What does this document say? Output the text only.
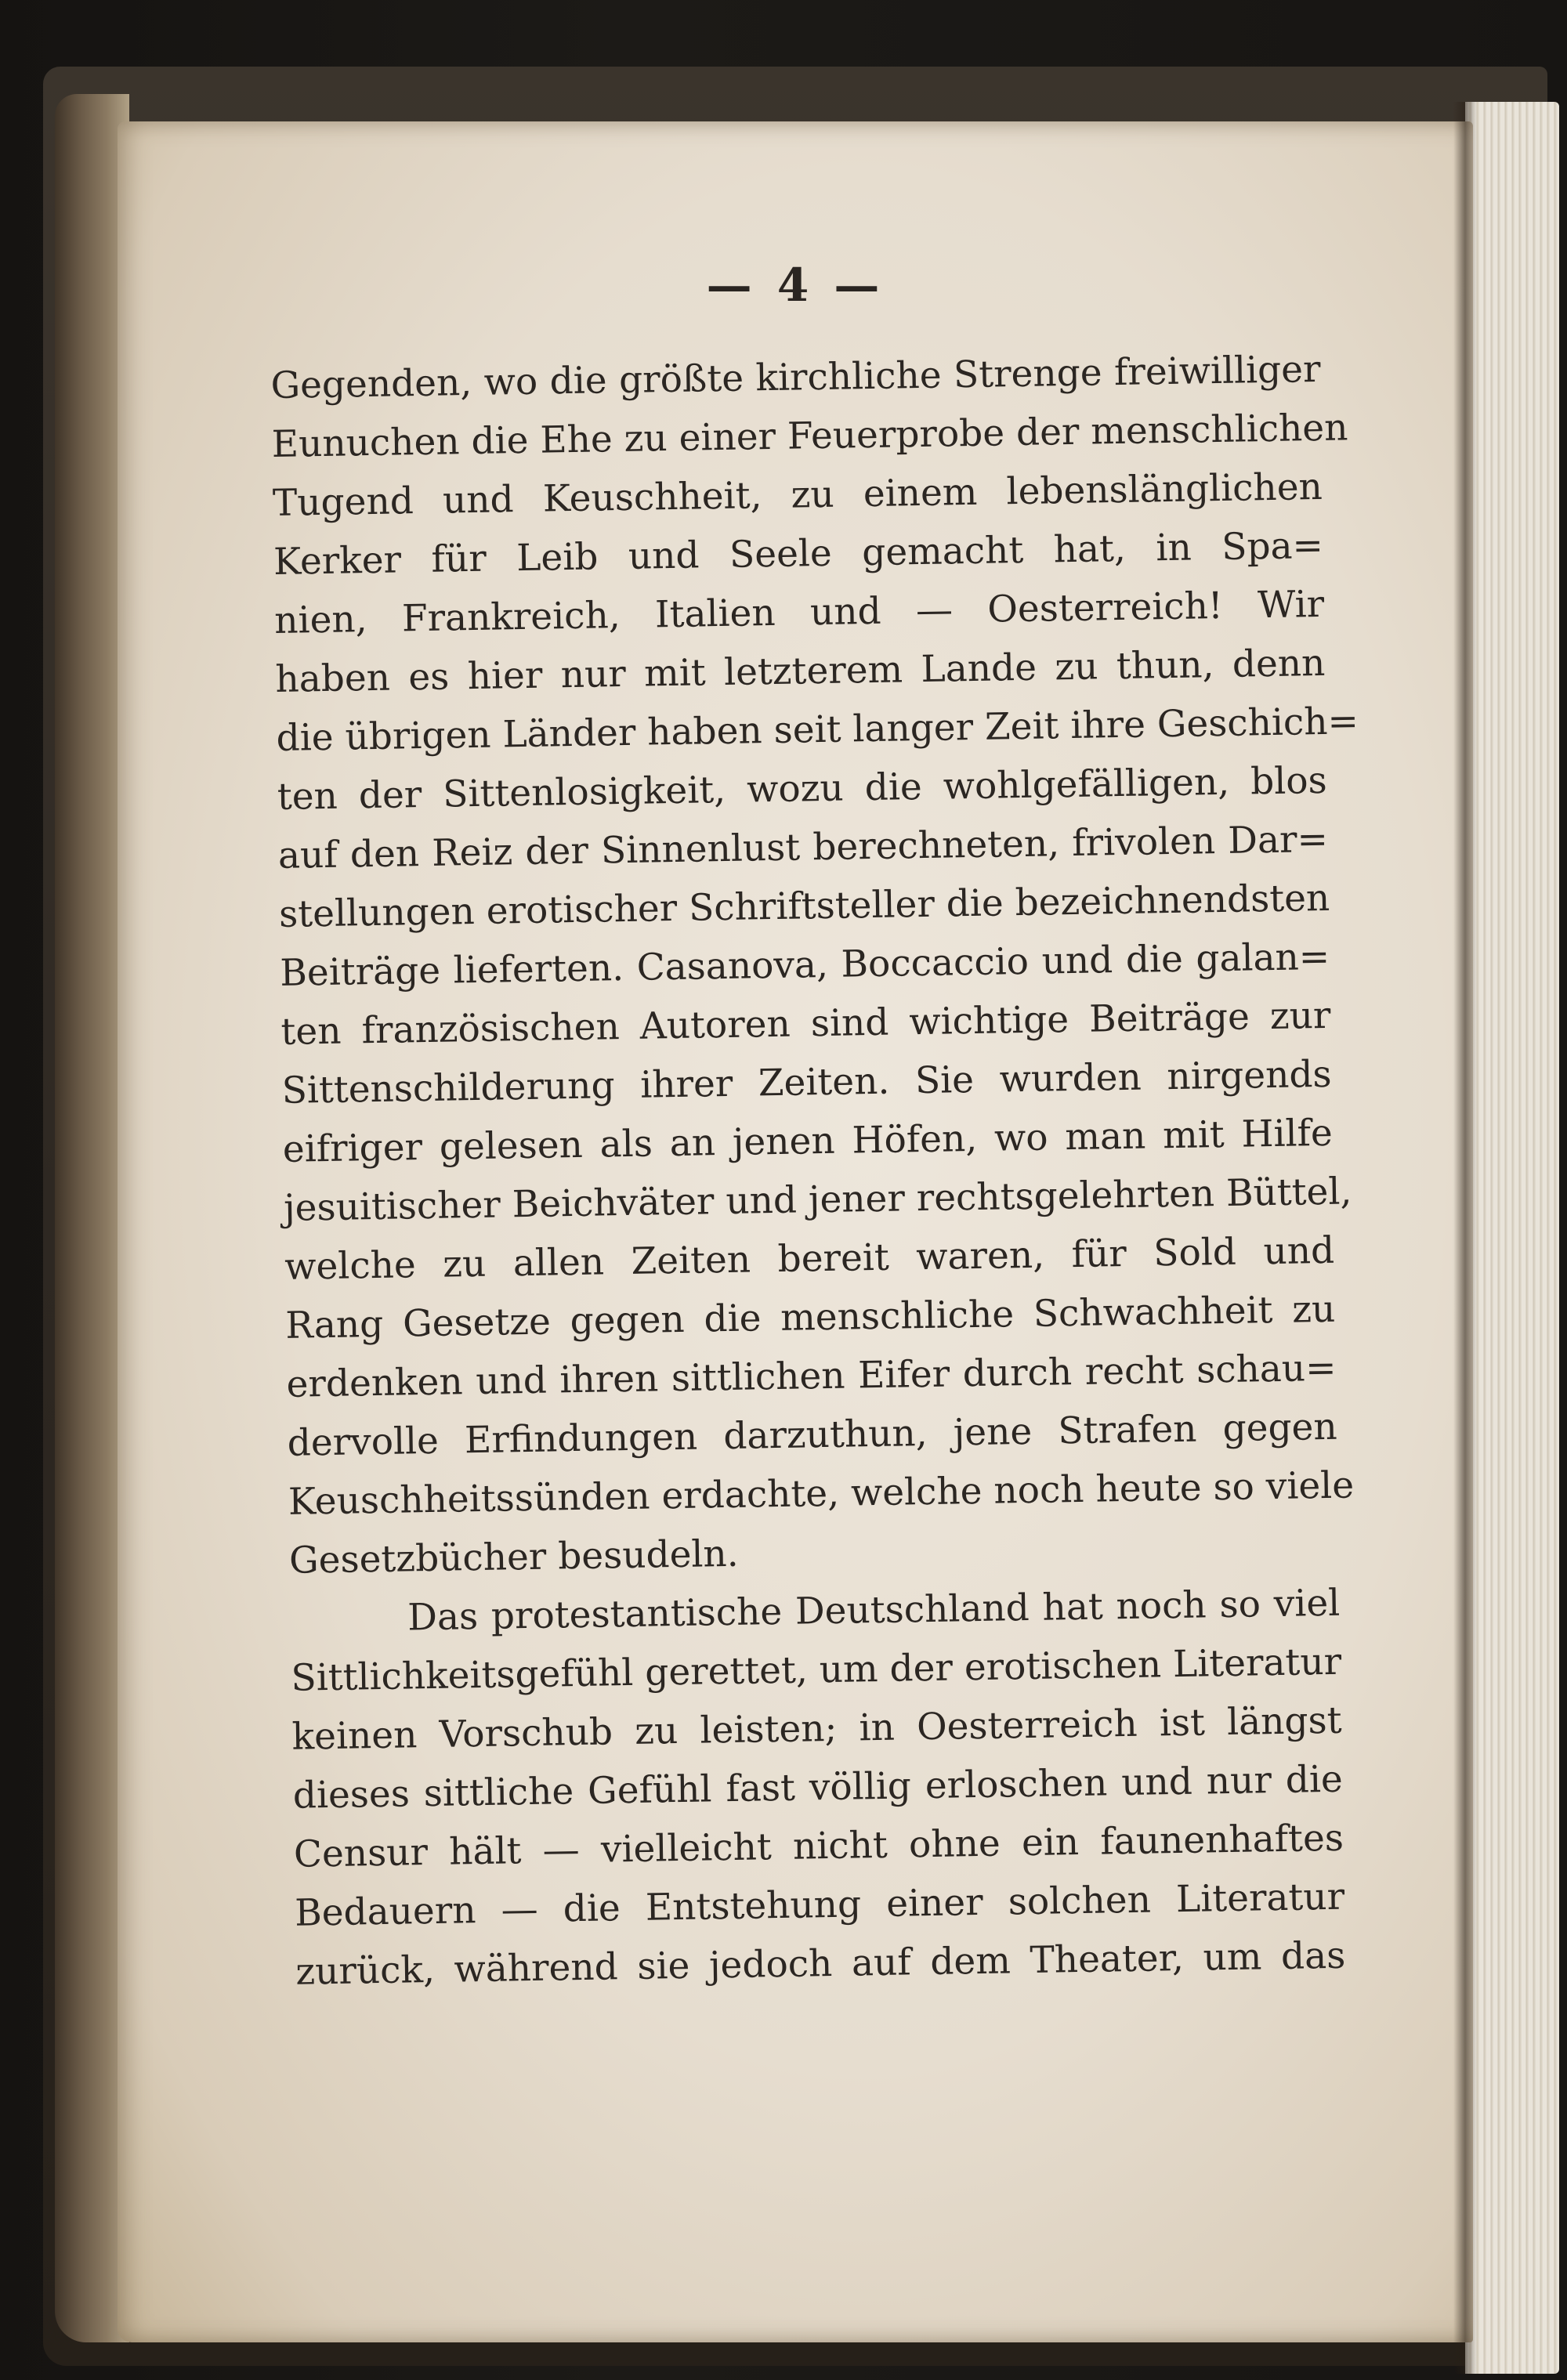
— 4 —
Gegenden, wo die größte kirchliche Strenge freiwilliger
Eunuchen die Ehe zu einer Feuerprobe der menschlichen
Tugend und Keuschheit, zu einem lebenslänglichen
Kerker für Leib und Seele gemacht hat, in Spa=
nien, Frankreich, Italien und — Oesterreich! Wir
haben es hier nur mit letzterem Lande zu thun, denn
die übrigen Länder haben seit langer Zeit ihre Geschich=
ten der Sittenlosigkeit, wozu die wohlgefälligen, blos
auf den Reiz der Sinnenlust berechneten, frivolen Dar=
stellungen erotischer Schriftsteller die bezeichnendsten
Beiträge lieferten. Casanova, Boccaccio und die galan=
ten französischen Autoren sind wichtige Beiträge zur
Sittenschilderung ihrer Zeiten. Sie wurden nirgends
eifriger gelesen als an jenen Höfen, wo man mit Hilfe
jesuitischer Beichväter und jener rechtsgelehrten Büttel,
welche zu allen Zeiten bereit waren, für Sold und
Rang Gesetze gegen die menschliche Schwachheit zu
erdenken und ihren sittlichen Eifer durch recht schau=
dervolle Erfindungen darzuthun, jene Strafen gegen
Keuschheitssünden erdachte, welche noch heute so viele
Gesetzbücher besudeln.
Das protestantische Deutschland hat noch so viel
Sittlichkeitsgefühl gerettet, um der erotischen Literatur
keinen Vorschub zu leisten; in Oesterreich ist längst
dieses sittliche Gefühl fast völlig erloschen und nur die
Censur hält — vielleicht nicht ohne ein faunenhaftes
Bedauern — die Entstehung einer solchen Literatur
zurück, während sie jedoch auf dem Theater, um das
